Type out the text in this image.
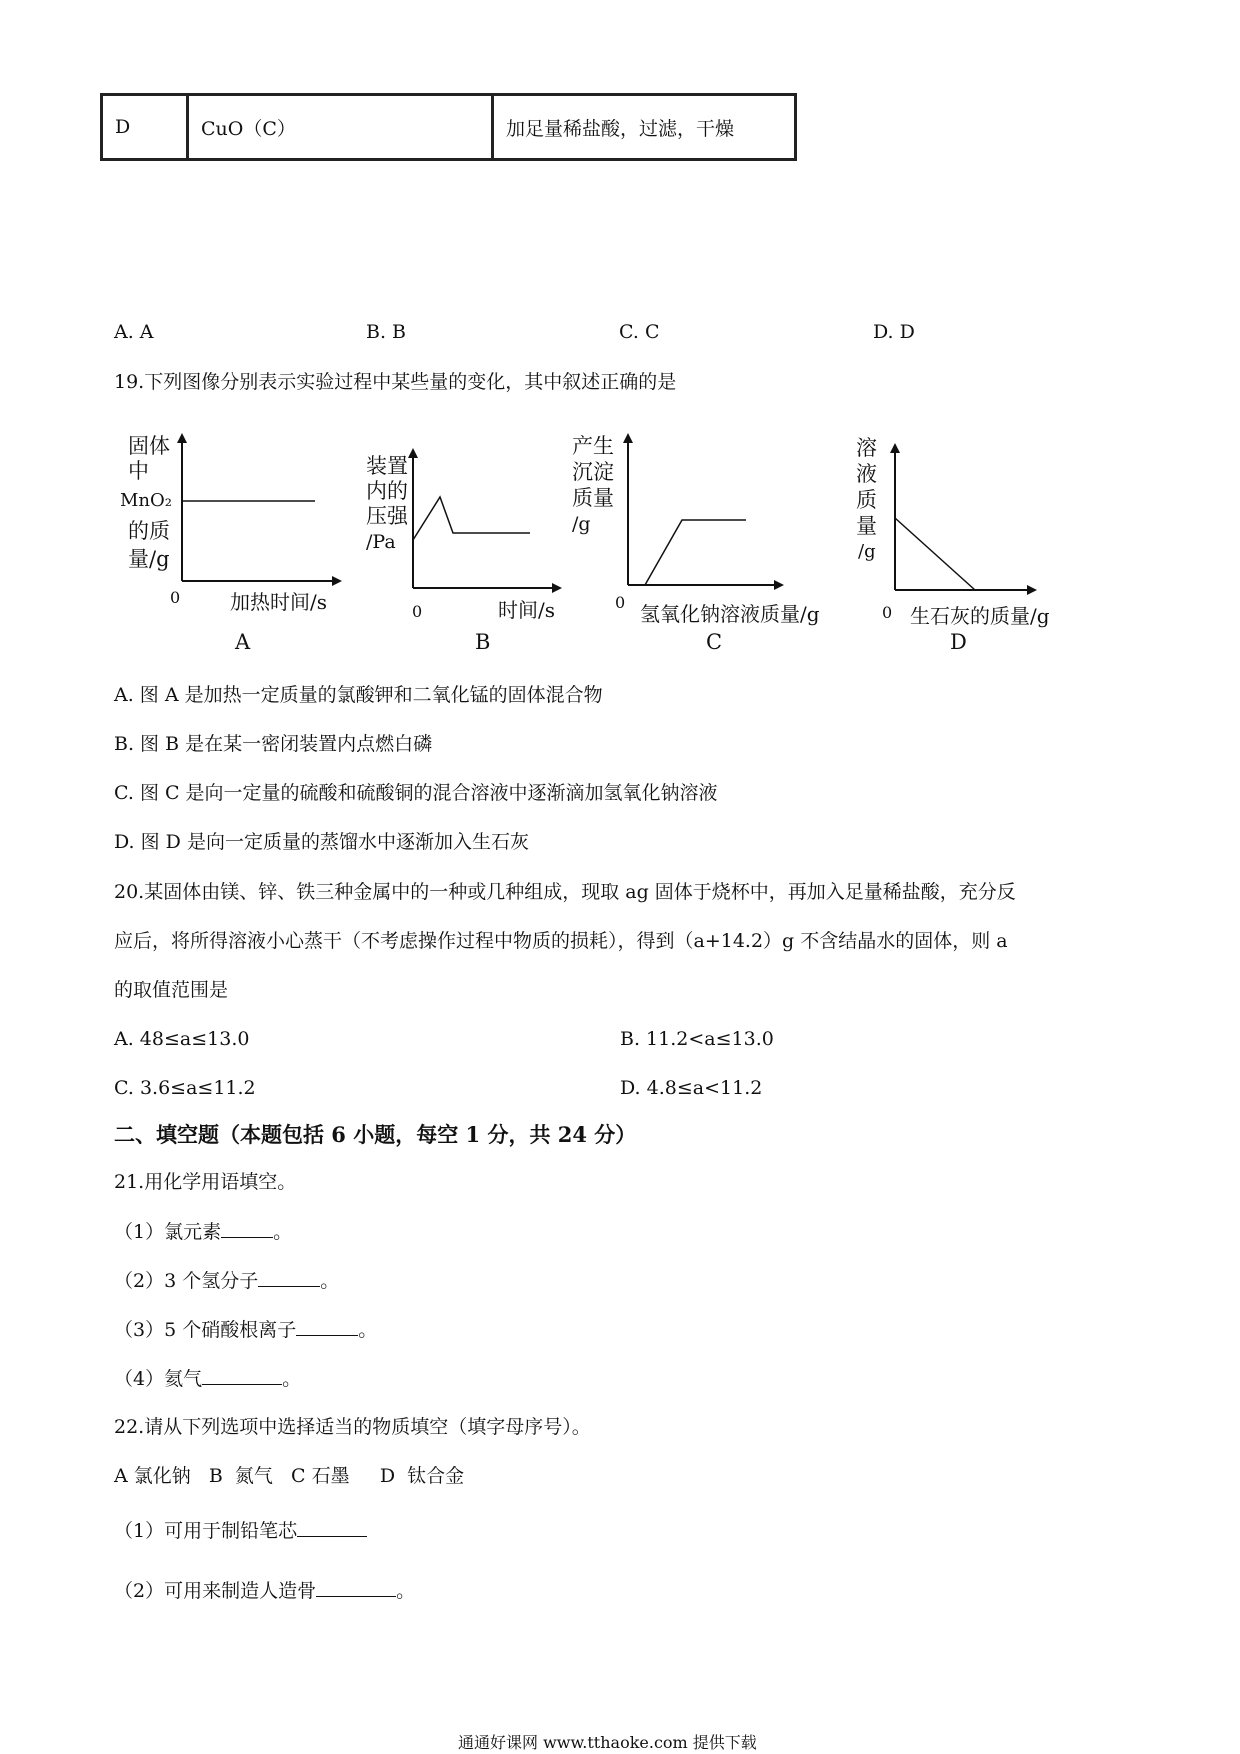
D	CuO（C）	加足量稀盐酸，过滤，干燥
A. A	B. B	C. C	D. D
19.下列图像分别表示实验过程中某些量的变化，其中叙述正确的是
固体
中
MnO₂
的质
量/g
0 加热时间/s
A
装置
内的
压强
/Pa
0	时间/s
B
产生
沉淀
质量
/g
0 氢氧化钠溶液质量/g
C
溶
液
质
量
/g
0 生石灰的质量/g
D
A. 图 A 是加热一定质量的氯酸钾和二氧化锰的固体混合物
B. 图 B 是在某一密闭装置内点燃白磷
C. 图 C 是向一定量的硫酸和硫酸铜的混合溶液中逐渐滴加氢氧化钠溶液
D. 图 D 是向一定质量的蒸馏水中逐渐加入生石灰
20.某固体由镁、锌、铁三种金属中的一种或几种组成，现取 ag 固体于烧杯中，再加入足量稀盐酸，充分反
应后，将所得溶液小心蒸干（不考虑操作过程中物质的损耗），得到（a+14.2）g 不含结晶水的固体，则 a
的取值范围是
A. 48≤a≤13.0	B. 11.2<a≤13.0
C. 3.6≤a≤11.2	D. 4.8≤a<11.2
二、填空题（本题包括 6 小题，每空 1 分，共 24 分）
21.用化学用语填空。
（1）氯元素	。
（2）3 个氢分子	。
（3）5 个硝酸根离子	。
（4）氦气	。
22.请从下列选项中选择适当的物质填空（填字母序号）。
A 氯化钠   B  氮气   C 石墨     D  钛合金
（1）可用于制铅笔芯
（2）可用来制造人造骨	。
通通好课网 www.tthaoke.com 提供下载
